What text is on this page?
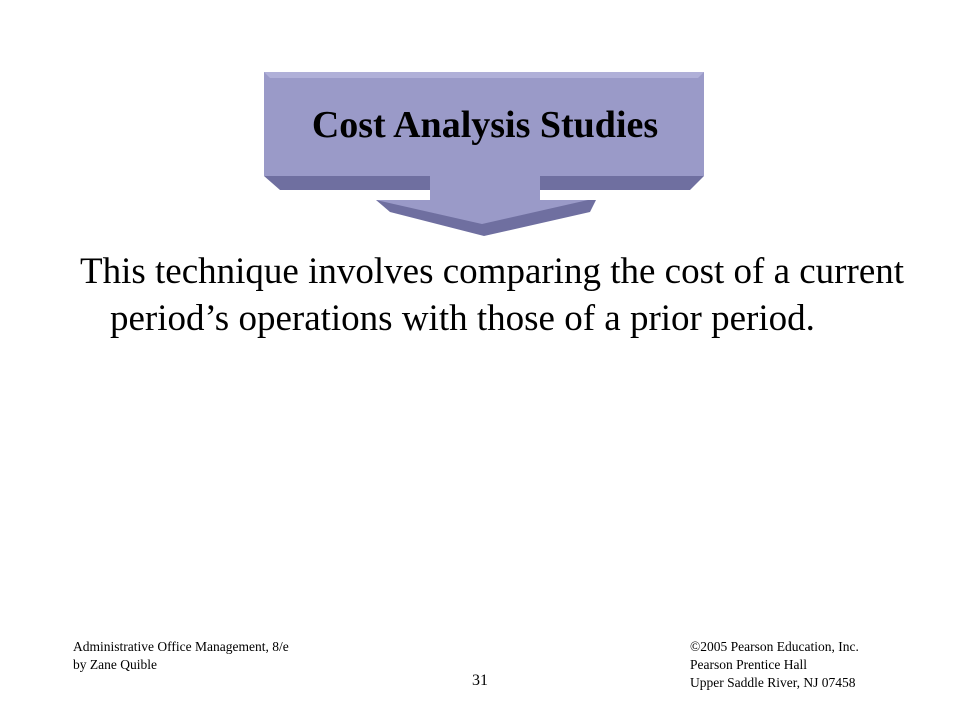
Cost Analysis Studies
This technique involves comparing the cost of a current period’s operations with those of a prior period.
Administrative Office Management, 8/e
by Zane Quible
©2005 Pearson Education, Inc.
Pearson Prentice Hall
Upper Saddle River, NJ 07458
31
